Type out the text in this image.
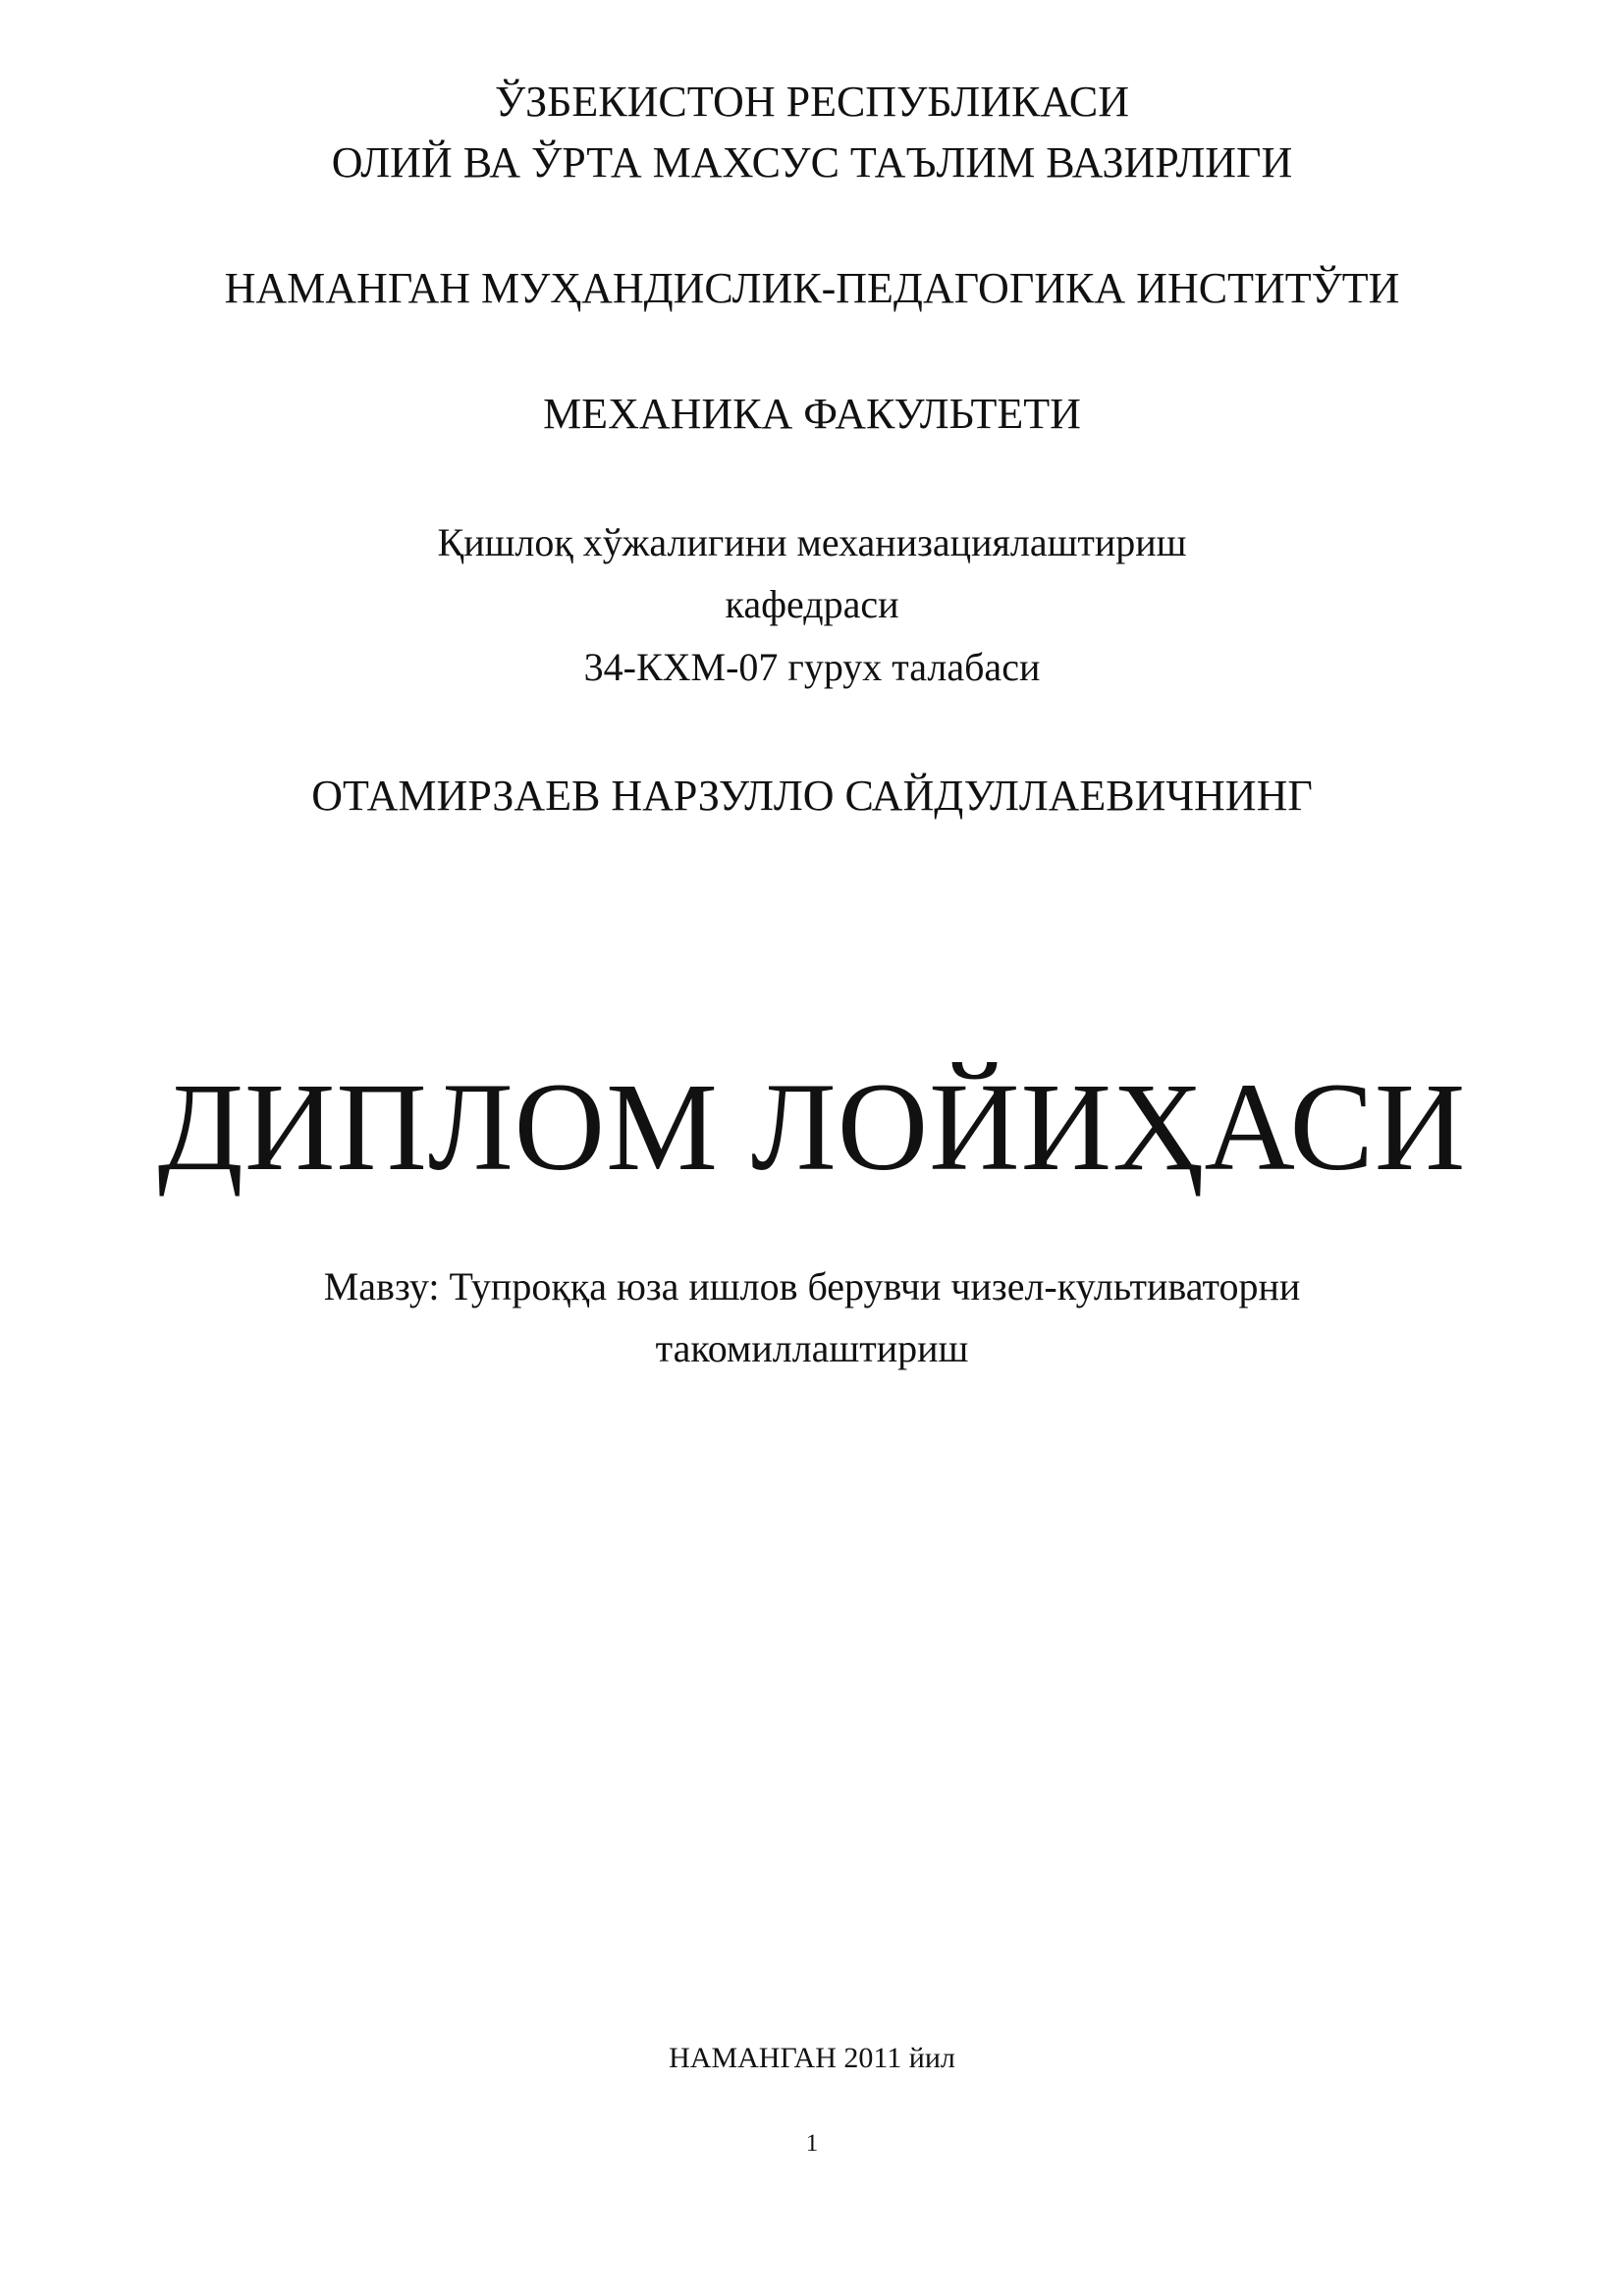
ЎЗБЕКИСТОН РЕСПУБЛИКАСИ
ОЛИЙ ВА ЎРТА МАХСУС ТАЪЛИМ ВАЗИРЛИГИ
НАМАНГАН МУҲАНДИСЛИК-ПЕДАГОГИКА ИНСТИТЎТИ
МЕХАНИКА ФАКУЛЬТЕТИ
Қишлоқ хўжалигини механизациялаштириш
кафедраси
34-КХМ-07 гурух талабаси
ОТАМИРЗАЕВ НАРЗУЛЛО САЙДУЛЛАЕВИЧНИНГ
ДИПЛОМ ЛОЙИҲАСИ
Мавзу: Тупроққа юза ишлов берувчи чизел-культиваторни
такомиллаштириш
НАМАНГАН 2011 йил
1
